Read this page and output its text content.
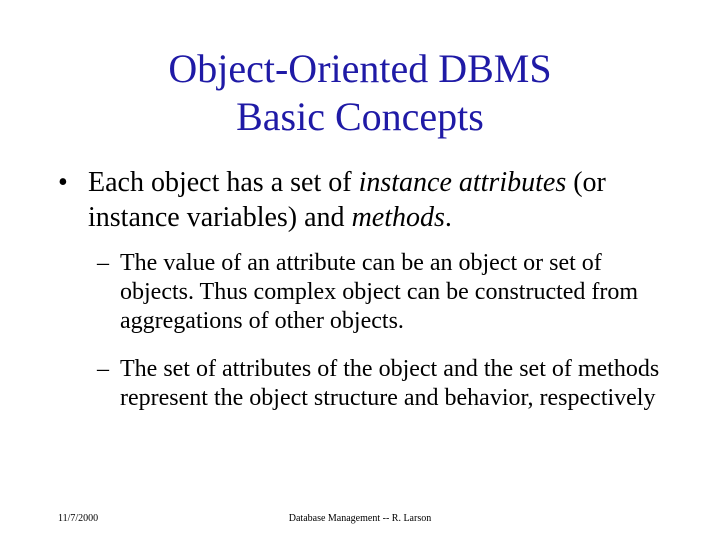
Object-Oriented DBMS
Basic Concepts
• Each object has a set of instance attributes (or instance variables) and methods.
– The value of an attribute can be an object or set of objects. Thus complex object can be constructed from aggregations of other objects.
– The set of attributes of the object and the set of methods represent the object structure and behavior, respectively
11/7/2000	Database Management -- R. Larson
